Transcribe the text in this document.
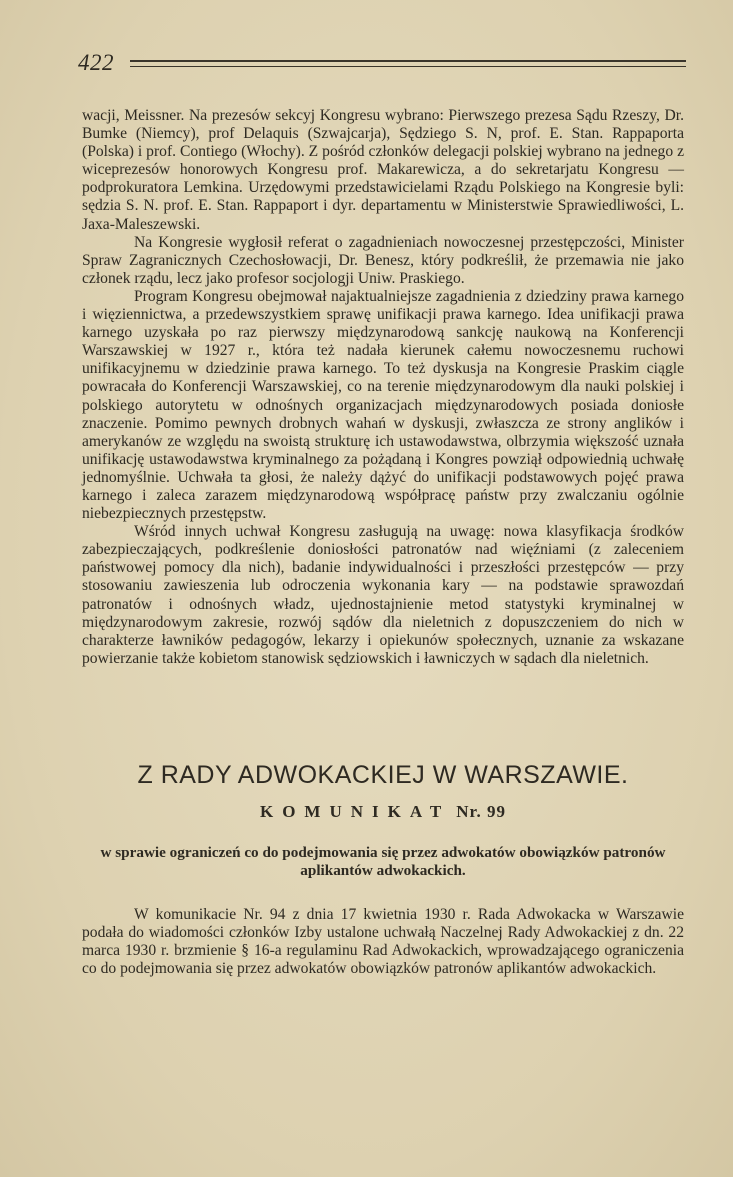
422

wacji, Meissner. Na prezesów sekcyj Kongresu wybrano: Pierwszego prezesa Sądu Rzeszy, Dr. Bumke (Niemcy), prof Delaquis (Szwajcarja), Sędziego S. N, prof. E. Stan. Rappaporta (Polska) i prof. Contiego (Włochy). Z pośród członków delegacji polskiej wybrano na jednego z wiceprezesów honorowych Kongresu prof. Makarewicza, a do sekretarjatu Kongresu — podprokuratora Lemkina. Urzędowymi przedstawicielami Rządu Polskiego na Kongresie byli: sędzia S. N. prof. E. Stan. Rappaport i dyr. departamentu w Ministerstwie Sprawiedliwości, L. Jaxa-Maleszewski.

Na Kongresie wygłosił referat o zagadnieniach nowoczesnej przestępczości, Minister Spraw Zagranicznych Czechosłowacji, Dr. Benesz, który podkreślił, że przemawia nie jako członek rządu, lecz jako profesor socjologji Uniw. Praskiego.

Program Kongresu obejmował najaktualniejsze zagadnienia z dziedziny prawa karnego i więziennictwa, a przedewszystkiem sprawę unifikacji prawa karnego. Idea unifikacji prawa karnego uzyskała po raz pierwszy międzynarodową sankcję naukową na Konferencji Warszawskiej w 1927 r., która też nadała kierunek całemu nowoczesnemu ruchowi unifikacyjnemu w dziedzinie prawa karnego. To też dyskusja na Kongresie Praskim ciągle powracała do Konferencji Warszawskiej, co na terenie międzynarodowym dla nauki polskiej i polskiego autorytetu w odnośnych organizacjach międzynarodowych posiada doniosłe znaczenie. Pomimo pewnych drobnych wahań w dyskusji, zwłaszcza ze strony anglików i amerykanów ze względu na swoistą strukturę ich ustawodawstwa, olbrzymia większość uznała unifikację ustawodawstwa kryminalnego za pożądaną i Kongres powziął odpowiednią uchwałę jednomyślnie. Uchwała ta głosi, że należy dążyć do unifikacji podstawowych pojęć prawa karnego i zaleca zarazem międzynarodową współpracę państw przy zwalczaniu ogólnie niebezpiecznych przestępstw.

Wśród innych uchwał Kongresu zasługują na uwagę: nowa klasyfikacja środków zabezpieczających, podkreślenie doniosłości patronatów nad więźniami (z zaleceniem państwowej pomocy dla nich), badanie indywidualności i przeszłości przestępców — przy stosowaniu zawieszenia lub odroczenia wykonania kary — na podstawie sprawozdań patronatów i odnośnych władz, ujednostajnienie metod statystyki kryminalnej w międzynarodowym zakresie, rozwój sądów dla nieletnich z dopuszczeniem do nich w charakterze ławników pedagogów, lekarzy i opiekunów społecznych, uznanie za wskazane powierzanie także kobietom stanowisk sędziowskich i ławniczych w sądach dla nieletnich.

Z RADY ADWOKACKIEJ W WARSZAWIE.
KOMUNIKAT Nr. 99
w sprawie ograniczeń co do podejmowania się przez adwokatów obowiązków patronów aplikantów adwokackich.

W komunikacie Nr. 94 z dnia 17 kwietnia 1930 r. Rada Adwokacka w Warszawie podała do wiadomości członków Izby ustalone uchwałą Naczelnej Rady Adwokackiej z dn. 22 marca 1930 r. brzmienie § 16-a regulaminu Rad Adwokackich, wprowadzającego ograniczenia co do podejmowania się przez adwokatów obowiązków patronów aplikantów adwokackich.
